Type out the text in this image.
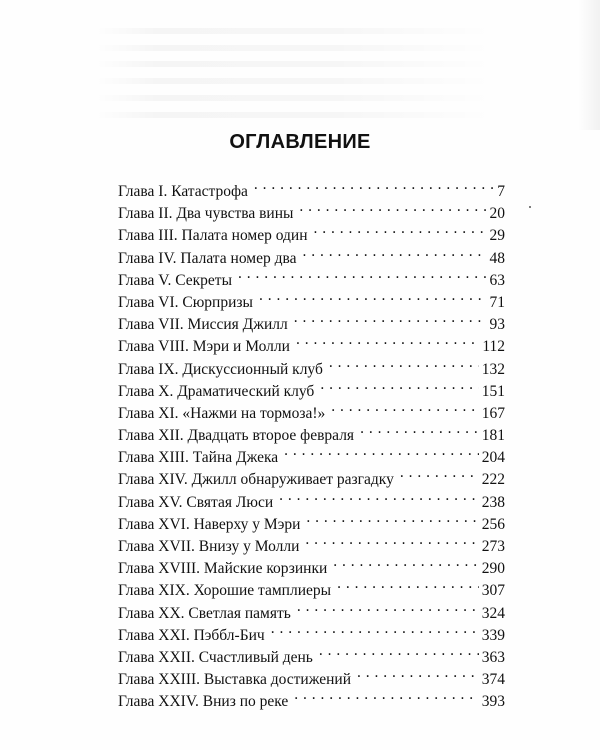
ОГЛАВЛЕНИЕ
Глава I. Катастрофа . . .	7
Глава II. Два чувства вины . . .	20
Глава III. Палата номер один . . .	29
Глава IV. Палата номер два . . .	48
Глава V. Секреты . . .	63
Глава VI. Сюрпризы . . .	71
Глава VII. Миссия Джилл . . .	93
Глава VIII. Мэри и Молли . . .	112
Глава IX. Дискуссионный клуб . . .	132
Глава X. Драматический клуб . . .	151
Глава XI. «Нажми на тормоза!» . . .	167
Глава XII. Двадцать второе февраля . . .	181
Глава XIII. Тайна Джека . . .	204
Глава XIV. Джилл обнаруживает разгадку . . .	222
Глава XV. Святая Люси . . .	238
Глава XVI. Наверху у Мэри . . .	256
Глава XVII. Внизу у Молли . . .	273
Глава XVIII. Майские корзинки . . .	290
Глава XIX. Хорошие тамплиеры . . .	307
Глава XX. Светлая память . . .	324
Глава XXI. Пэббл-Бич . . .	339
Глава XXII. Счастливый день . . .	363
Глава XXIII. Выставка достижений . . .	374
Глава XXIV. Вниз по реке . . .	393
